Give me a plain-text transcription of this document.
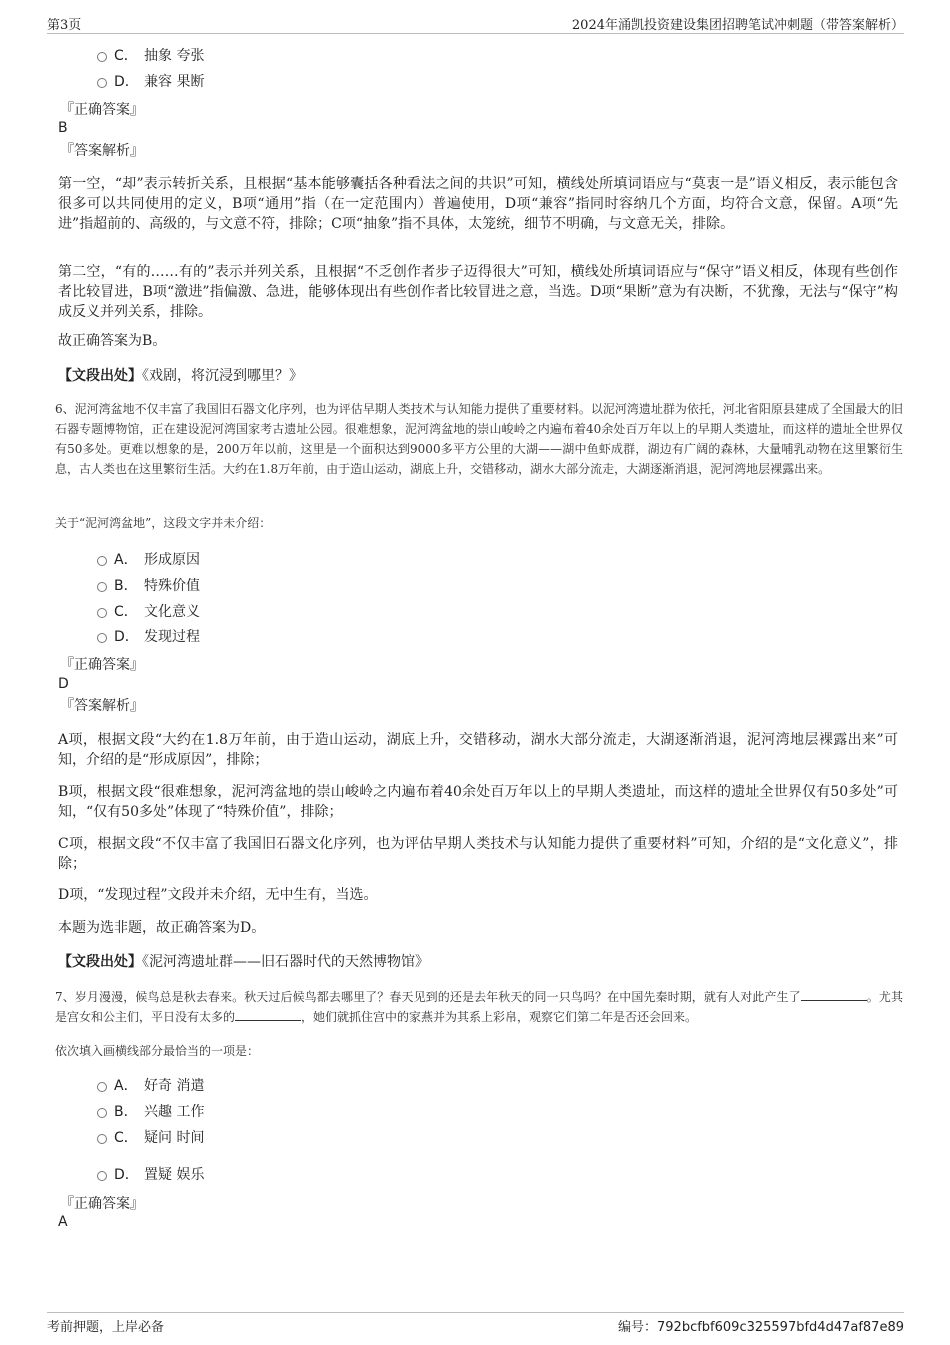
第3页	2024年涌凯投资建设集团招聘笔试冲刺题（带答案解析）
C． 抽象 夸张
D． 兼容 果断
『正确答案』
B
『答案解析』
第一空，“却”表示转折关系，且根据“基本能够囊括各种看法之间的共识”可知，横线处所填词语应与“莫衷一是”语义相反，表示能包含很多可以共同使用的定义，B项“通用”指（在一定范围内）普遍使用，D项“兼容”指同时容纳几个方面，均符合文意，保留。A项“先进”指超前的、高级的，与文意不符，排除；C项“抽象”指不具体，太笼统，细节不明确，与文意无关，排除。
第二空，“有的……有的”表示并列关系，且根据“不乏创作者步子迈得很大”可知，横线处所填词语应与“保守”语义相反，体现有些创作者比较冒进，B项“激进”指偏激、急进，能够体现出有些创作者比较冒进之意，当选。D项“果断”意为有决断，不犹豫，无法与“保守”构成反义并列关系，排除。
故正确答案为B。
【文段出处】《戏剧，将沉浸到哪里？》
6、泥河湾盆地不仅丰富了我国旧石器文化序列，也为评估早期人类技术与认知能力提供了重要材料。以泥河湾遗址群为依托，河北省阳原县建成了全国最大的旧石器专题博物馆，正在建设泥河湾国家考古遗址公园。很难想象，泥河湾盆地的崇山峻岭之内遍布着40余处百万年以上的早期人类遗址，而这样的遗址全世界仅有50多处。更难以想象的是，200万年以前，这里是一个面积达到9000多平方公里的大湖——湖中鱼虾成群，湖边有广阔的森林，大量哺乳动物在这里繁衍生息，古人类也在这里繁衍生活。大约在1.8万年前，由于造山运动，湖底上升，交错移动，湖水大部分流走，大湖逐渐消退，泥河湾地层裸露出来。
关于“泥河湾盆地”，这段文字并未介绍：
A． 形成原因
B． 特殊价值
C． 文化意义
D． 发现过程
『正确答案』
D
『答案解析』
A项，根据文段“大约在1.8万年前，由于造山运动，湖底上升，交错移动，湖水大部分流走，大湖逐渐消退，泥河湾地层裸露出来”可知，介绍的是“形成原因”，排除；
B项，根据文段“很难想象，泥河湾盆地的崇山峻岭之内遍布着40余处百万年以上的早期人类遗址，而这样的遗址全世界仅有50多处”可知，“仅有50多处”体现了“特殊价值”，排除；
C项，根据文段“不仅丰富了我国旧石器文化序列，也为评估早期人类技术与认知能力提供了重要材料”可知，介绍的是“文化意义”，排除；
D项，“发现过程”文段并未介绍，无中生有，当选。
本题为选非题，故正确答案为D。
【文段出处】《泥河湾遗址群——旧石器时代的天然博物馆》
7、岁月漫漫，候鸟总是秋去春来。秋天过后候鸟都去哪里了？春天见到的还是去年秋天的同一只鸟吗？在中国先秦时期，就有人对此产生了	。尤其是宫女和公主们，平日没有太多的	，她们就抓住宫中的家燕并为其系上彩帛，观察它们第二年是否还会回来。
依次填入画横线部分最恰当的一项是：
A． 好奇 消遣
B． 兴趣 工作
C． 疑问 时间
D． 置疑 娱乐
『正确答案』
A
考前押题，上岸必备	编号：792bcfbf609c325597bfd4d47af87e89
